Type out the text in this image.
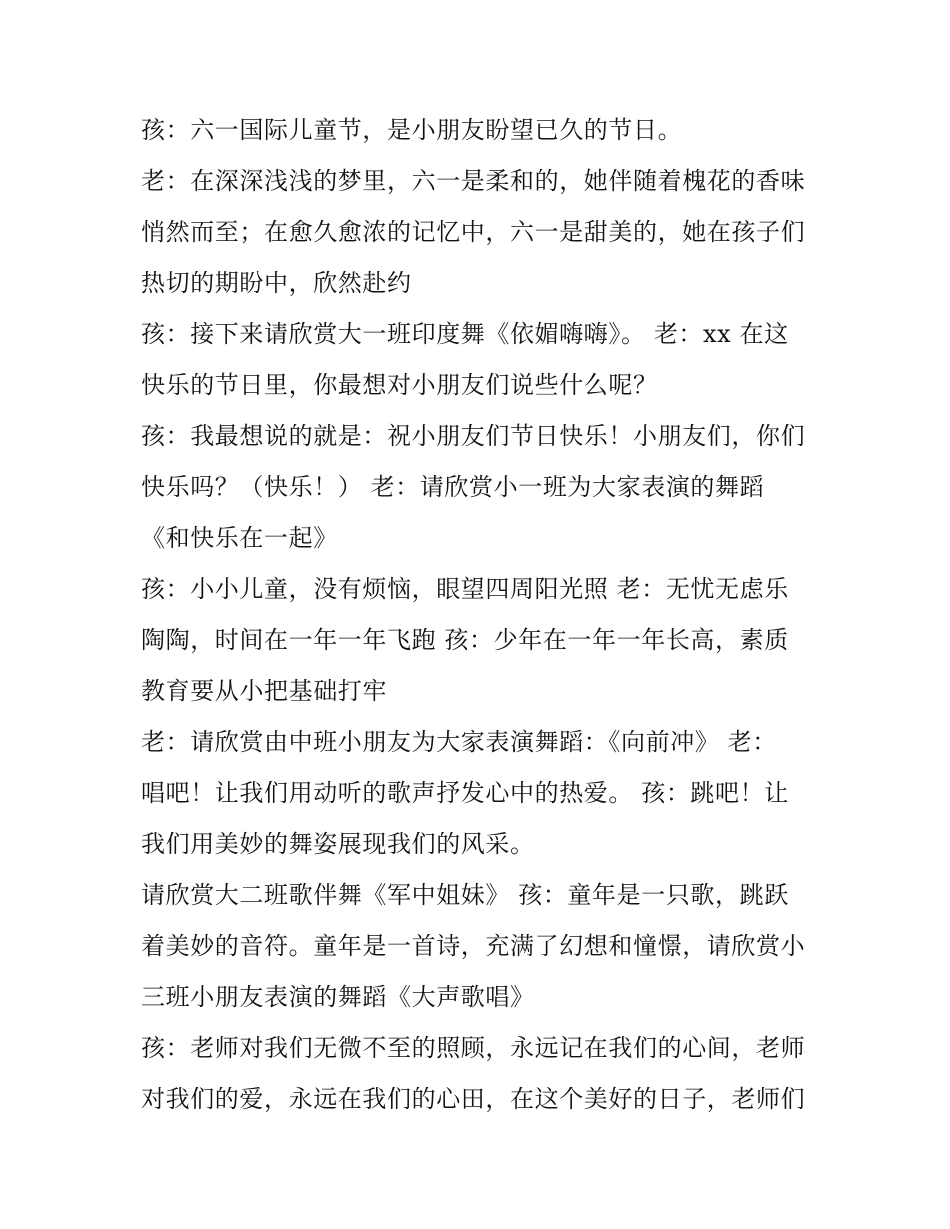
孩：六一国际儿童节，是小朋友盼望已久的节日。
老：在深深浅浅的梦里，六一是柔和的，她伴随着槐花的香味
悄然而至；在愈久愈浓的记忆中，六一是甜美的，她在孩子们
热切的期盼中，欣然赴约
孩：接下来请欣赏大一班印度舞《依媚嗨嗨》。 老：xx 在这
快乐的节日里，你最想对小朋友们说些什么呢？
孩：我最想说的就是：祝小朋友们节日快乐！小朋友们，你们
快乐吗？（快乐！） 老：请欣赏小一班为大家表演的舞蹈
《和快乐在一起》
孩：小小儿童，没有烦恼，眼望四周阳光照 老：无忧无虑乐
陶陶，时间在一年一年飞跑 孩：少年在一年一年长高，素质
教育要从小把基础打牢
老：请欣赏由中班小朋友为大家表演舞蹈：《向前冲》 老：
唱吧！让我们用动听的歌声抒发心中的热爱。 孩：跳吧！让
我们用美妙的舞姿展现我们的风采。
请欣赏大二班歌伴舞《军中姐妹》 孩：童年是一只歌，跳跃
着美妙的音符。童年是一首诗，充满了幻想和憧憬，请欣赏小
三班小朋友表演的舞蹈《大声歌唱》
孩：老师对我们无微不至的照顾，永远记在我们的心间，老师
对我们的爱，永远在我们的心田，在这个美好的日子，老师们
